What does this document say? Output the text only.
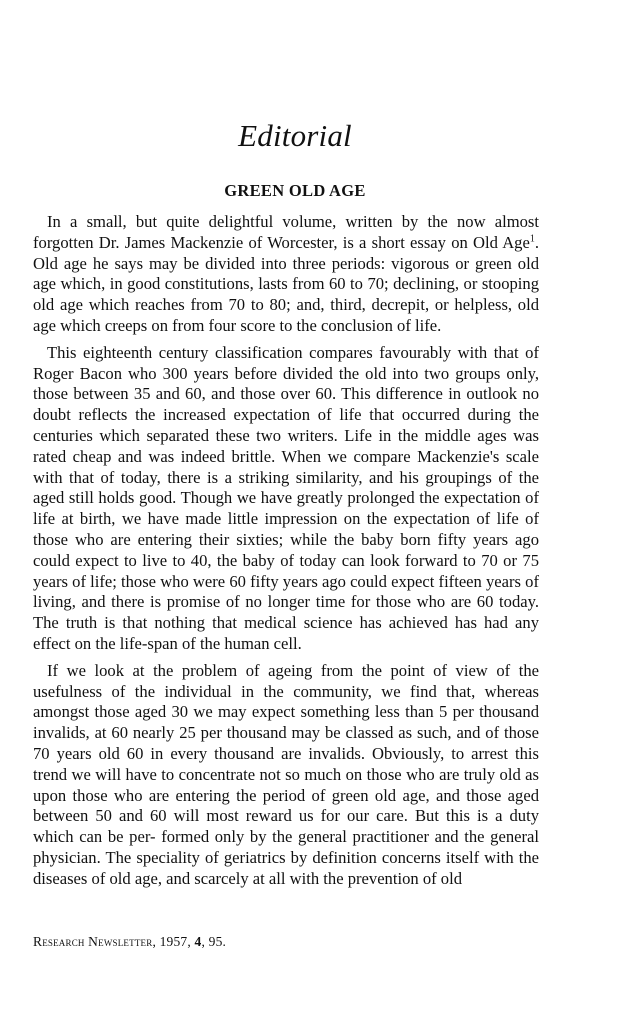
Editorial
GREEN OLD AGE

In a small, but quite delightful volume, written by the now almost forgotten Dr. James Mackenzie of Worcester, is a short essay on Old Age$^1$. Old age he says may be divided into three periods: vigorous or green old age which, in good constitutions, lasts from 60 to 70; declining, or stooping old age which reaches from 70 to 80; and, third, decrepit, or helpless, old age which creeps on from four score to the conclusion of life.

This eighteenth century classification compares favourably with that of Roger Bacon who 300 years before divided the old into two groups only, those between 35 and 60, and those over 60. This difference in outlook no doubt reflects the increased expectation of life that occurred during the centuries which separated these two writers. Life in the middle ages was rated cheap and was indeed brittle. When we compare Mackenzie's scale with that of today, there is a striking similarity, and his groupings of the aged still holds good. Though we have greatly prolonged the expectation of life at birth, we have made little impression on the expectation of life of those who are entering their sixties; while the baby born fifty years ago could expect to live to 40, the baby of today can look forward to 70 or 75 years of life; those who were 60 fifty years ago could expect fifteen years of living, and there is promise of no longer time for those who are 60 today. The truth is that nothing that medical science has achieved has had any effect on the life-span of the human cell.

If we look at the problem of ageing from the point of view of the usefulness of the individual in the community, we find that, whereas amongst those aged 30 we may expect something less than 5 per thousand invalids, at 60 nearly 25 per thousand may be classed as such, and of those 70 years old 60 in every thousand are invalids. Obviously, to arrest this trend we will have to concentrate not so much on those who are truly old as upon those who are entering the period of green old age, and those aged between 50 and 60 will most reward us for our care. But this is a duty which can be per- formed only by the general practitioner and the general physician. The speciality of geriatrics by definition concerns itself with the diseases of old age, and scarcely at all with the prevention of old

Research Newsletter, 1957, 4, 95.
